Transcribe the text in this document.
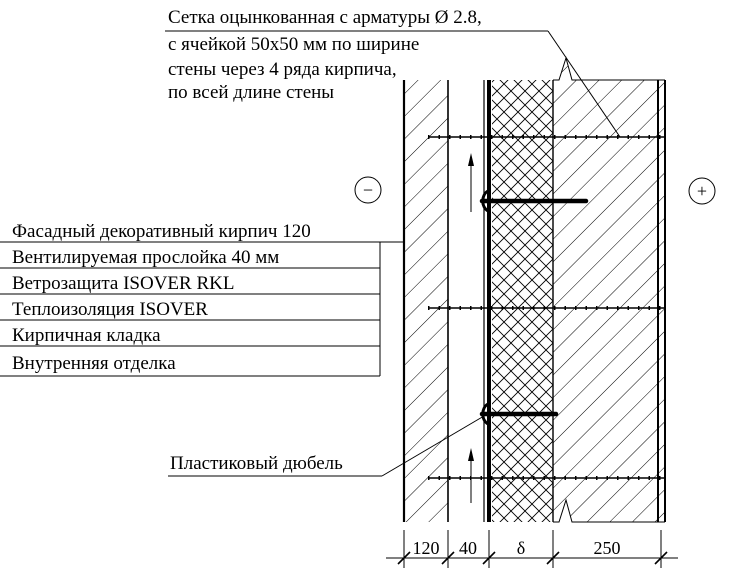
Сетка оцынкованная с арматуры Ø 2.8,
с ячейкой 50х50 мм по ширине
стены через 4 ряда кирпича,
по всей длине стены
Фасадный декоративный кирпич 120
Вентилируемая прослойка 40 мм
Ветрозащита ISOVER RKL
Теплоизоляция ISOVER
Кирпичная кладка
Внутренняя отделка
−	+
Пластиковый дюбель
120 40 δ	250
